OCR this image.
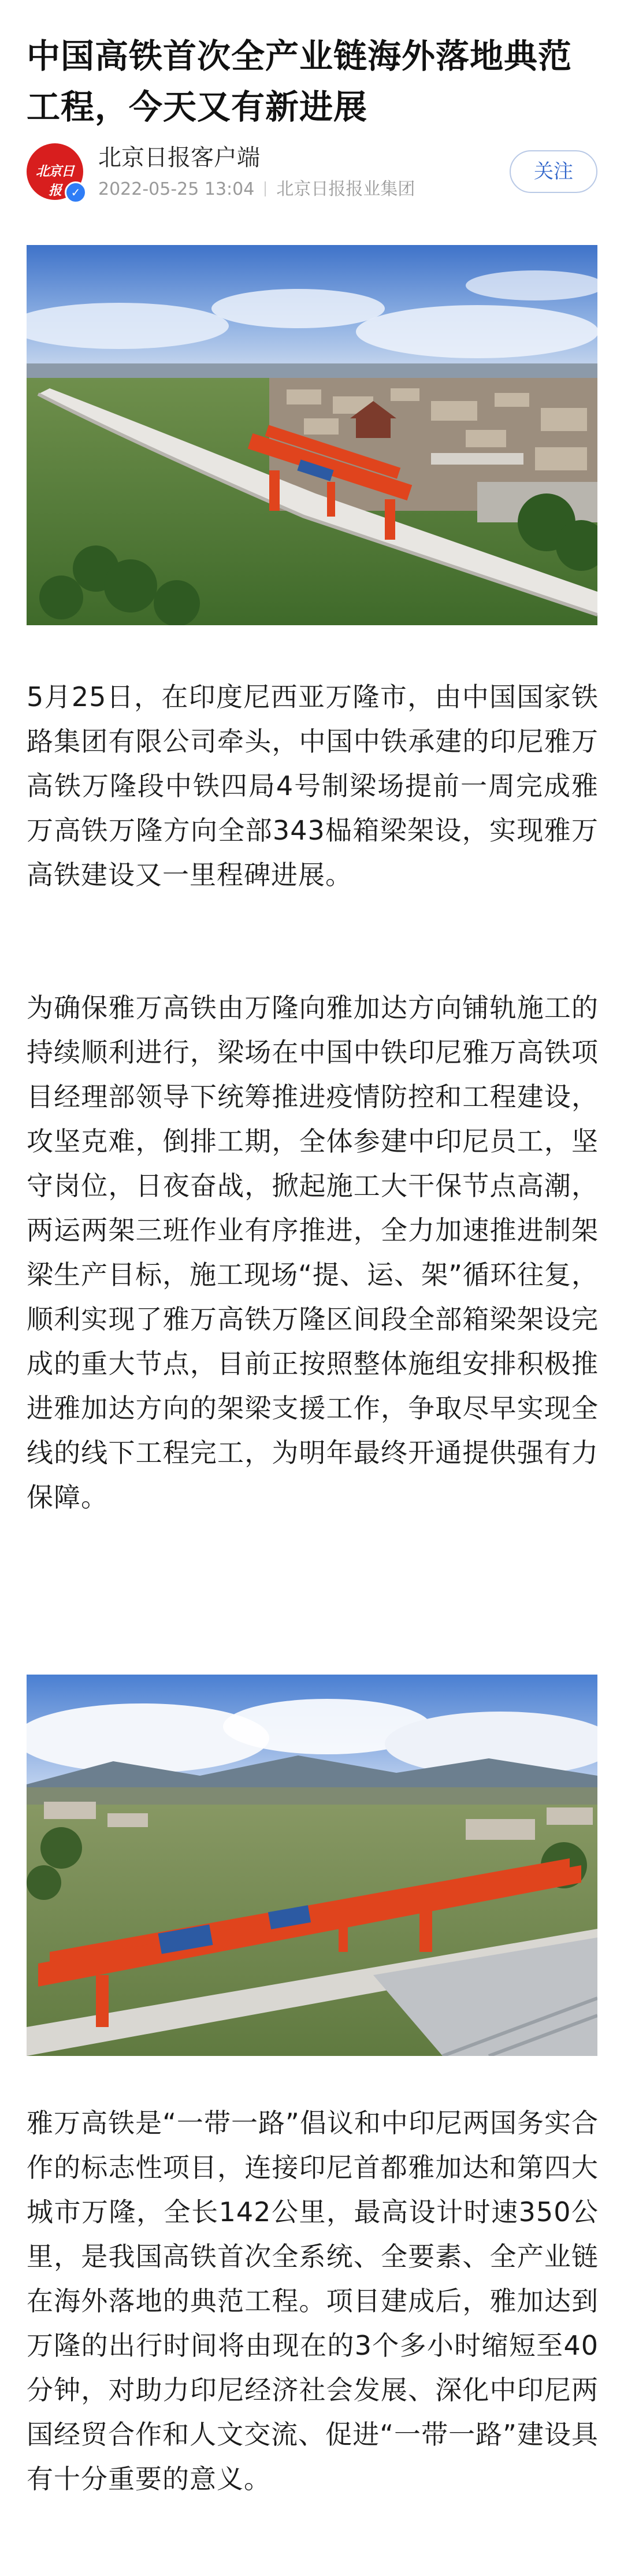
中国高铁首次全产业链海外落地典范工程，今天又有新进展
北京日报 ✓
北京日报客户端
2022-05-25 13:04 北京日报报业集团
关注

5月25日，在印度尼西亚万隆市，由中国国家铁路集团有限公司牵头，中国中铁承建的印尼雅万高铁万隆段中铁四局4号制梁场提前一周完成雅万高铁万隆方向全部343榀箱梁架设，实现雅万高铁建设又一里程碑进展。

为确保雅万高铁由万隆向雅加达方向铺轨施工的持续顺利进行，梁场在中国中铁印尼雅万高铁项目经理部领导下统筹推进疫情防控和工程建设，攻坚克难，倒排工期，全体参建中印尼员工，坚守岗位，日夜奋战，掀起施工大干保节点高潮，两运两架三班作业有序推进，全力加速推进制架梁生产目标，施工现场“提、运、架”循环往复，顺利实现了雅万高铁万隆区间段全部箱梁架设完成的重大节点，目前正按照整体施组安排积极推进雅加达方向的架梁支援工作，争取尽早实现全线的线下工程完工，为明年最终开通提供强有力保障。

雅万高铁是“一带一路”倡议和中印尼两国务实合作的标志性项目，连接印尼首都雅加达和第四大城市万隆，全长142公里，最高设计时速350公里，是我国高铁首次全系统、全要素、全产业链在海外落地的典范工程。项目建成后，雅加达到万隆的出行时间将由现在的3个多小时缩短至40分钟，对助力印尼经济社会发展、深化中印尼两国经贸合作和人文交流、促进“一带一路”建设具有十分重要的意义。
